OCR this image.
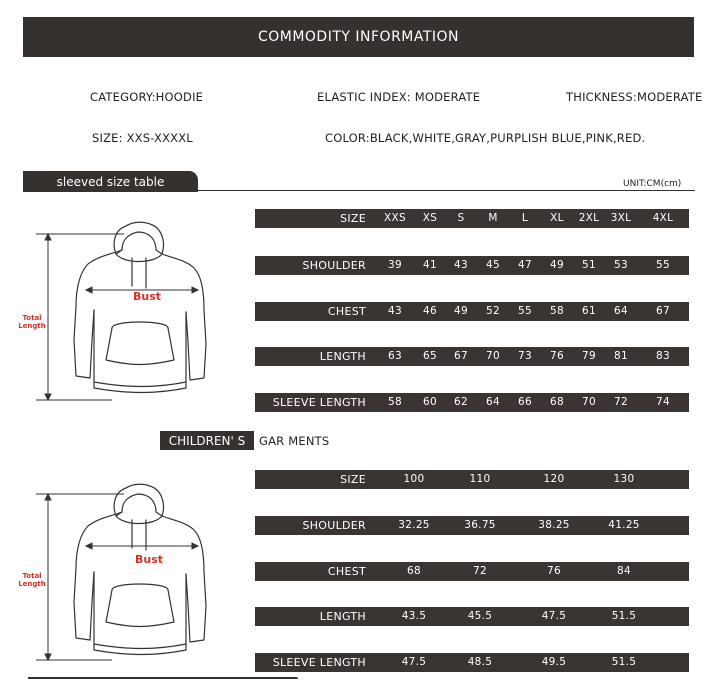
COMMODITY INFORMATION
CATEGORY:HOODIE	ELASTIC INDEX: MODERATE	THICKNESS:MODERATE
SIZE: XXS-XXXXL	COLOR:BLACK,WHITE,GRAY,PURPLISH BLUE,PINK,RED.
sleeved size table	UNIT:CM(cm)
Bust
Total Length
SIZE XXS XS S M L XL 2XL 3XL 4XL
SHOULDER 39 41 43 45 47 49 51 53	55
CHEST 43 46 49 52 55 58 61 64	67
LENGTH 63 65 67 70 73 76 79 81	83
SLEEVE LENGTH 58 60 62 64 66 68 70 72	74
CHILDREN' S GAR MENTS
Bust
Total Length
SIZE	100	110	120	130
SHOULDER	32.25	36.75	38.25	41.25
CHEST	68	72	76	84
LENGTH	43.5	45.5	47.5	51.5
SLEEVE LENGTH	47.5	48.5	49.5	51.5
